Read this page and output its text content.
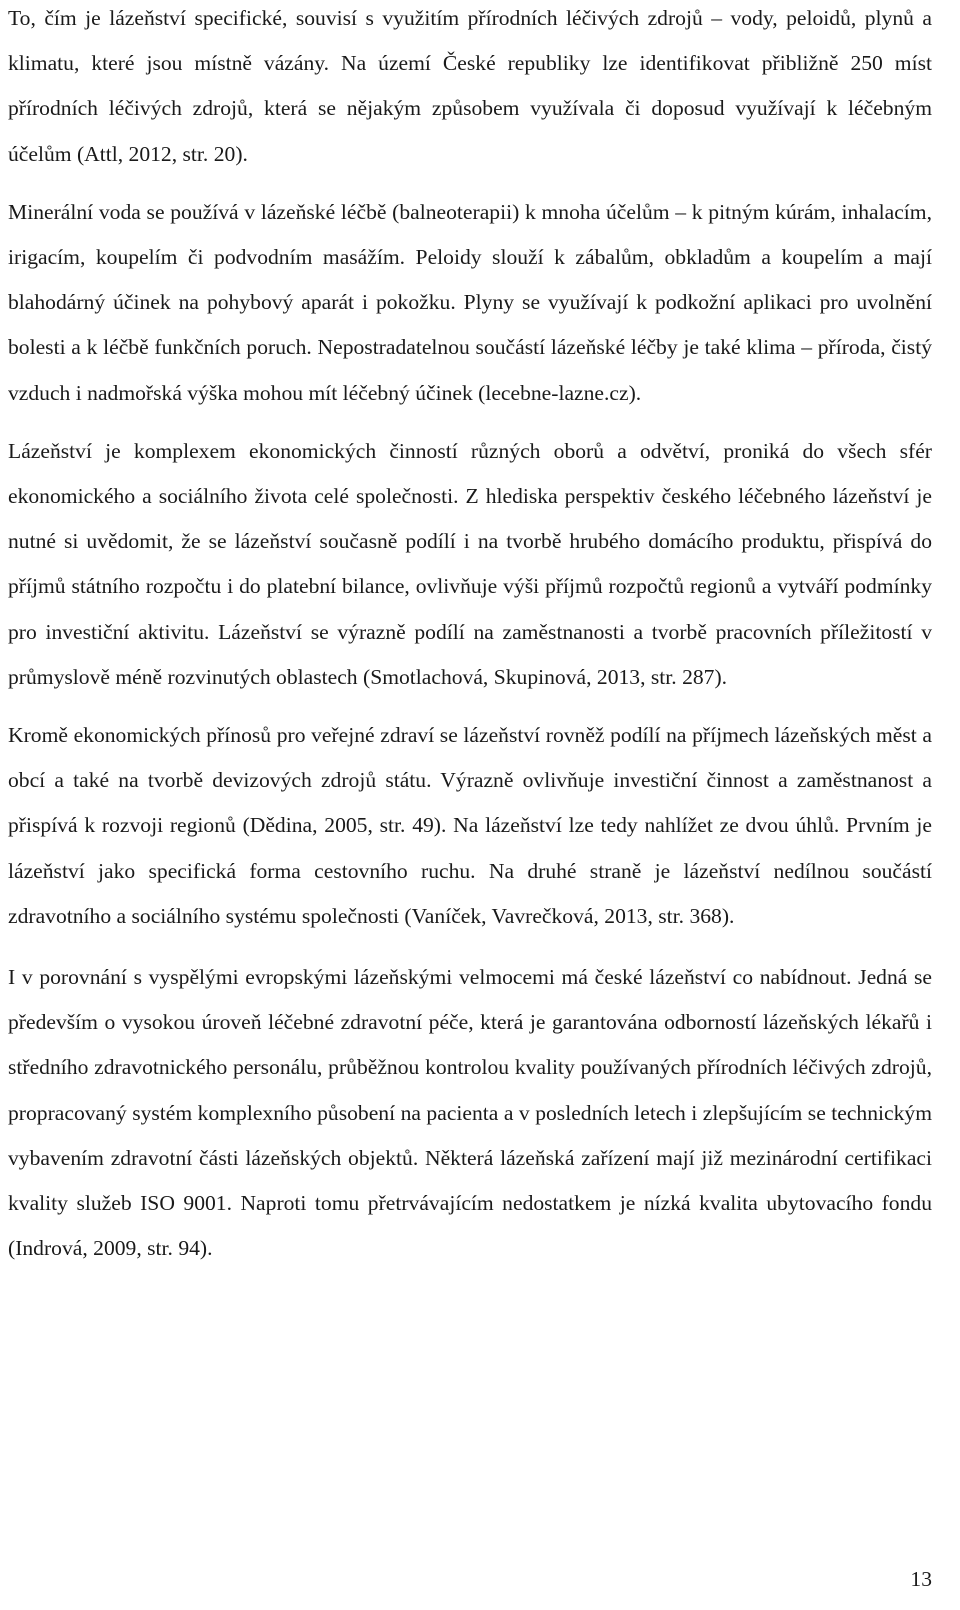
To, čím je lázeňství specifické, souvisí s využitím přírodních léčivých zdrojů – vody, peloidů, plynů a klimatu, které jsou místně vázány. Na území České republiky lze identifikovat přibližně 250 míst přírodních léčivých zdrojů, která se nějakým způsobem využívala či doposud využívají k léčebným účelům (Attl, 2012, str. 20).

Minerální voda se používá v lázeňské léčbě (balneoterapii) k mnoha účelům – k pitným kúrám, inhalacím, irigacím, koupelím či podvodním masážím. Peloidy slouží k zábalům, obkladům a koupelím a mají blahodárný účinek na pohybový aparát i pokožku. Plyny se využívají k podkožní aplikaci pro uvolnění bolesti a k léčbě funkčních poruch. Nepostradatelnou součástí lázeňské léčby je také klima – příroda, čistý vzduch i nadmořská výška mohou mít léčebný účinek (lecebne-lazne.cz).

Lázeňství je komplexem ekonomických činností různých oborů a odvětví, proniká do všech sfér ekonomického a sociálního života celé společnosti. Z hlediska perspektiv českého léčebného lázeňství je nutné si uvědomit, že se lázeňství současně podílí i na tvorbě hrubého domácího produktu, přispívá do příjmů státního rozpočtu i do platební bilance, ovlivňuje výši příjmů rozpočtů regionů a vytváří podmínky pro investiční aktivitu. Lázeňství se výrazně podílí na zaměstnanosti a tvorbě pracovních příležitostí v průmyslově méně rozvinutých oblastech (Smotlachová, Skupinová, 2013, str. 287).

Kromě ekonomických přínosů pro veřejné zdraví se lázeňství rovněž podílí na příjmech lázeňských měst a obcí a také na tvorbě devizových zdrojů státu. Výrazně ovlivňuje investiční činnost a zaměstnanost a přispívá k rozvoji regionů (Dědina, 2005, str. 49). Na lázeňství lze tedy nahlížet ze dvou úhlů. Prvním je lázeňství jako specifická forma cestovního ruchu. Na druhé straně je lázeňství nedílnou součástí zdravotního a sociálního systému společnosti (Vaníček, Vavrečková, 2013, str. 368).

I v porovnání s vyspělými evropskými lázeňskými velmocemi má české lázeňství co nabídnout. Jedná se především o vysokou úroveň léčebné zdravotní péče, která je garantována odborností lázeňských lékařů i středního zdravotnického personálu, průběžnou kontrolou kvality používaných přírodních léčivých zdrojů, propracovaný systém komplexního působení na pacienta a v posledních letech i zlepšujícím se technickým vybavením zdravotní části lázeňských objektů. Některá lázeňská zařízení mají již mezinárodní certifikaci kvality služeb ISO 9001. Naproti tomu přetrvávajícím nedostatkem je nízká kvalita ubytovacího fondu (Indrová, 2009, str. 94).

13
